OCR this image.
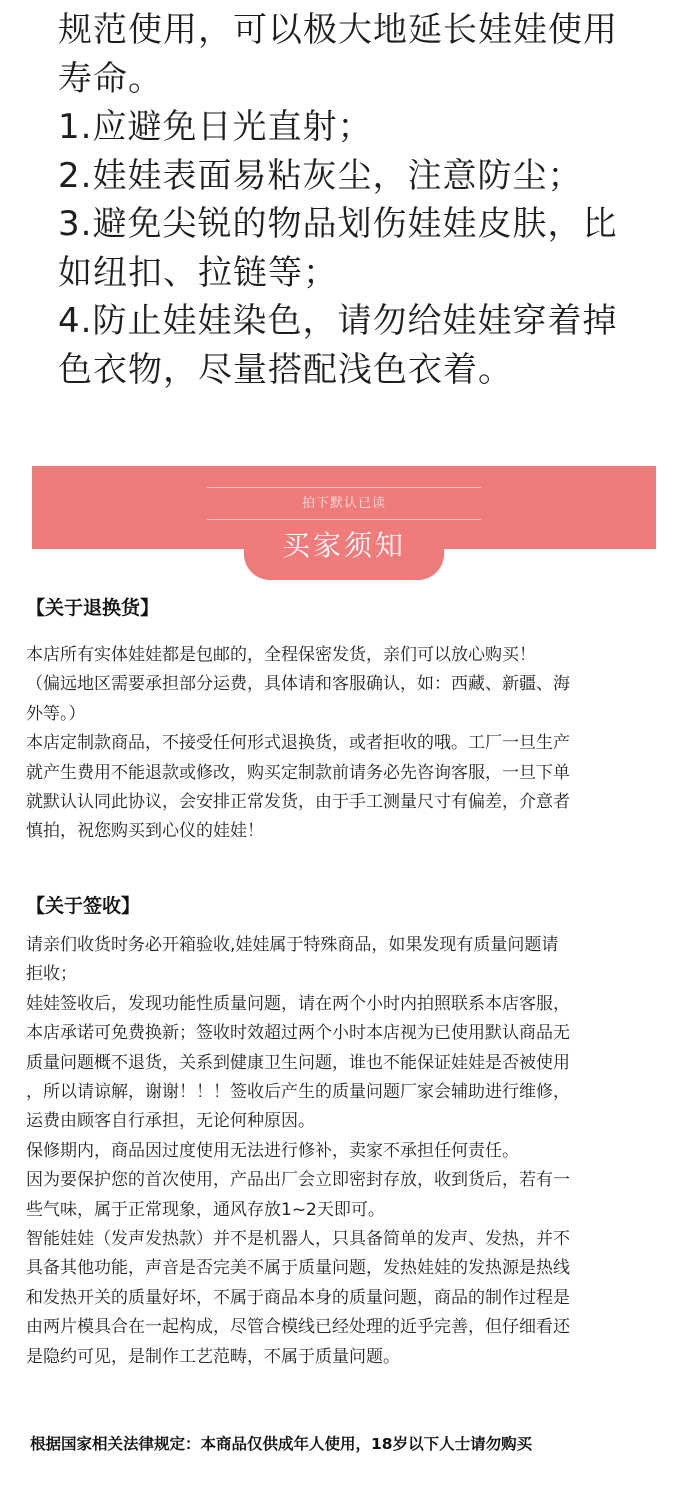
规范使用，可以极大地延长娃娃使用
寿命。
1.应避免日光直射；
2.娃娃表面易粘灰尘，注意防尘；
3.避免尖锐的物品划伤娃娃皮肤，比
如纽扣、拉链等；
4.防止娃娃染色，请勿给娃娃穿着掉
色衣物，尽量搭配浅色衣着。
拍下默认已读
买家须知
【关于退换货】
本店所有实体娃娃都是包邮的，全程保密发货，亲们可以放心购买！
（偏远地区需要承担部分运费，具体请和客服确认，如：西藏、新疆、海
外等。）
本店定制款商品，不接受任何形式退换货，或者拒收的哦。工厂一旦生产
就产生费用不能退款或修改，购买定制款前请务必先咨询客服，一旦下单
就默认认同此协议，会安排正常发货，由于手工测量尺寸有偏差，介意者
慎拍，祝您购买到心仪的娃娃！
【关于签收】
请亲们收货时务必开箱验收,娃娃属于特殊商品，如果发现有质量问题请
拒收；
娃娃签收后，发现功能性质量问题，请在两个小时内拍照联系本店客服，
本店承诺可免费换新；签收时效超过两个小时本店视为已使用默认商品无
质量问题概不退货，关系到健康卫生问题，谁也不能保证娃娃是否被使用
，所以请谅解，谢谢！！！签收后产生的质量问题厂家会辅助进行维修，
运费由顾客自行承担，无论何种原因。
保修期内，商品因过度使用无法进行修补，卖家不承担任何责任。
因为要保护您的首次使用，产品出厂会立即密封存放，收到货后，若有一
些气味，属于正常现象，通风存放1~2天即可。
智能娃娃（发声发热款）并不是机器人，只具备简单的发声、发热，并不
具备其他功能，声音是否完美不属于质量问题，发热娃娃的发热源是热线
和发热开关的质量好坏，不属于商品本身的质量问题，商品的制作过程是
由两片模具合在一起构成，尽管合模线已经处理的近乎完善，但仔细看还
是隐约可见，是制作工艺范畴，不属于质量问题。
根据国家相关法律规定：本商品仅供成年人使用，18岁以下人士请勿购买
